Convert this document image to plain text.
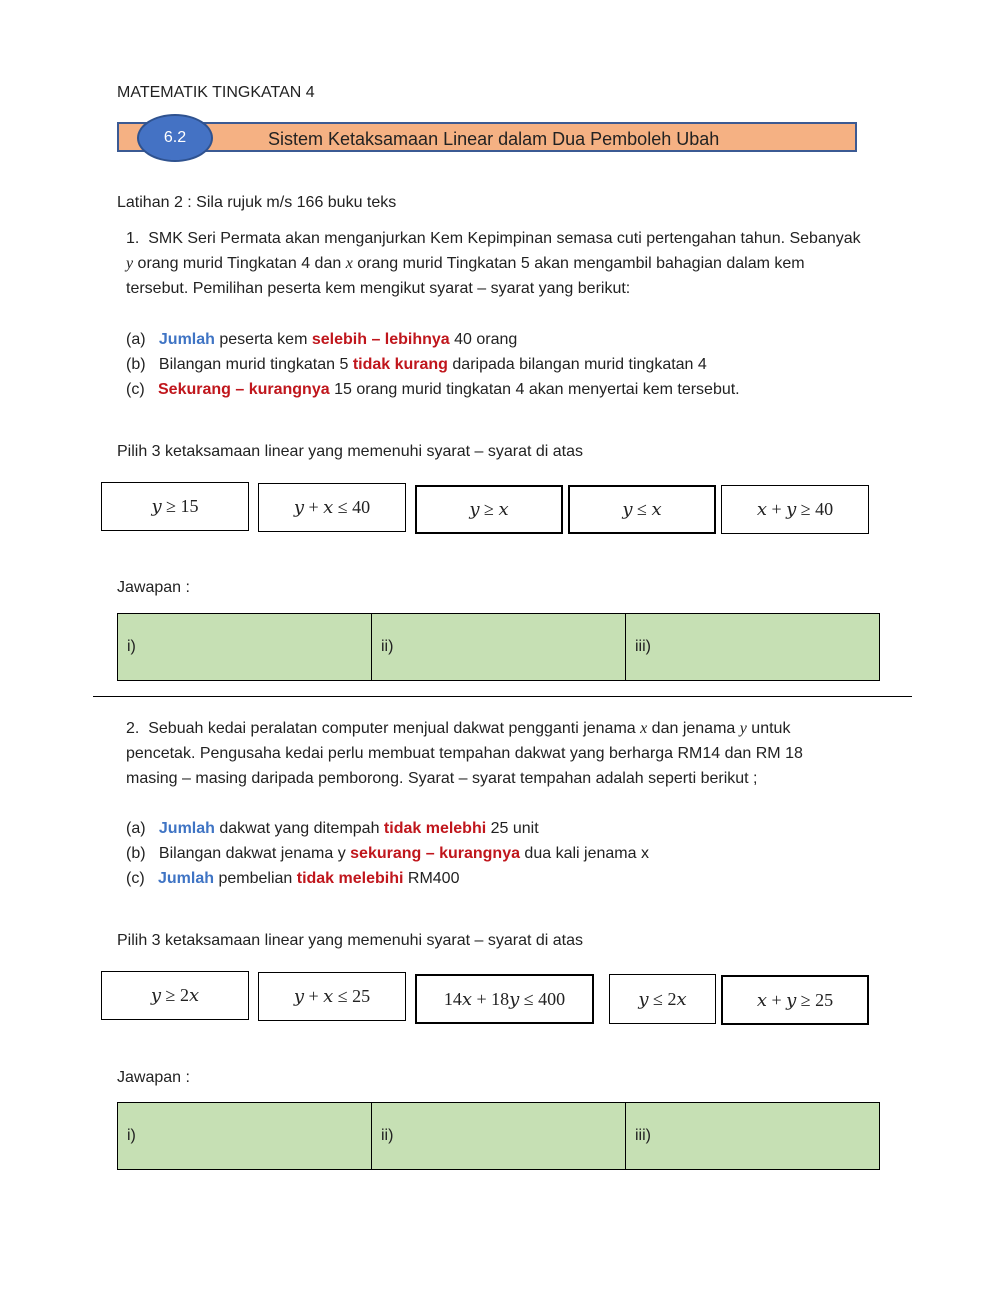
MATEMATIK TINGKATAN 4
Sistem Ketaksamaan Linear dalam Dua Pemboleh Ubah
6.2
Latihan 2 : Sila rujuk m/s 166 buku teks
1. SMK Seri Permata akan menganjurkan Kem Kepimpinan semasa cuti pertengahan tahun. Sebanyak
y orang murid Tingkatan 4 dan x orang murid Tingkatan 5 akan mengambil bahagian dalam kem
tersebut. Pemilihan peserta kem mengikut syarat – syarat yang berikut:
(a) Jumlah peserta kem selebih – lebihnya 40 orang
(b) Bilangan murid tingkatan 5 tidak kurang daripada bilangan murid tingkatan 4
(c) Sekurang – kurangnya 15 orang murid tingkatan 4 akan menyertai kem tersebut.
Pilih 3 ketaksamaan linear yang memenuhi syarat – syarat di atas
𝑦 ≥ 15	𝑦 + 𝑥 ≤ 40	𝑦 ≥ 𝑥	𝑦 ≤ 𝑥	𝑥 + 𝑦 ≥ 40
Jawapan :
i)	ii)	iii)
2. Sebuah kedai peralatan computer menjual dakwat pengganti jenama x dan jenama y untuk
pencetak. Pengusaha kedai perlu membuat tempahan dakwat yang berharga RM14 dan RM 18
masing – masing daripada pemborong. Syarat – syarat tempahan adalah seperti berikut ;
(a) Jumlah dakwat yang ditempah tidak melebhi 25 unit
(b) Bilangan dakwat jenama y sekurang – kurangnya dua kali jenama x
(c) Jumlah pembelian tidak melebihi RM400
Pilih 3 ketaksamaan linear yang memenuhi syarat – syarat di atas
𝑦 ≥ 2𝑥	𝑦 + 𝑥 ≤ 25	14𝑥 + 18𝑦 ≤ 400	𝑦 ≤ 2𝑥	𝑥 + 𝑦 ≥ 25
Jawapan :
i)	ii)	iii)
